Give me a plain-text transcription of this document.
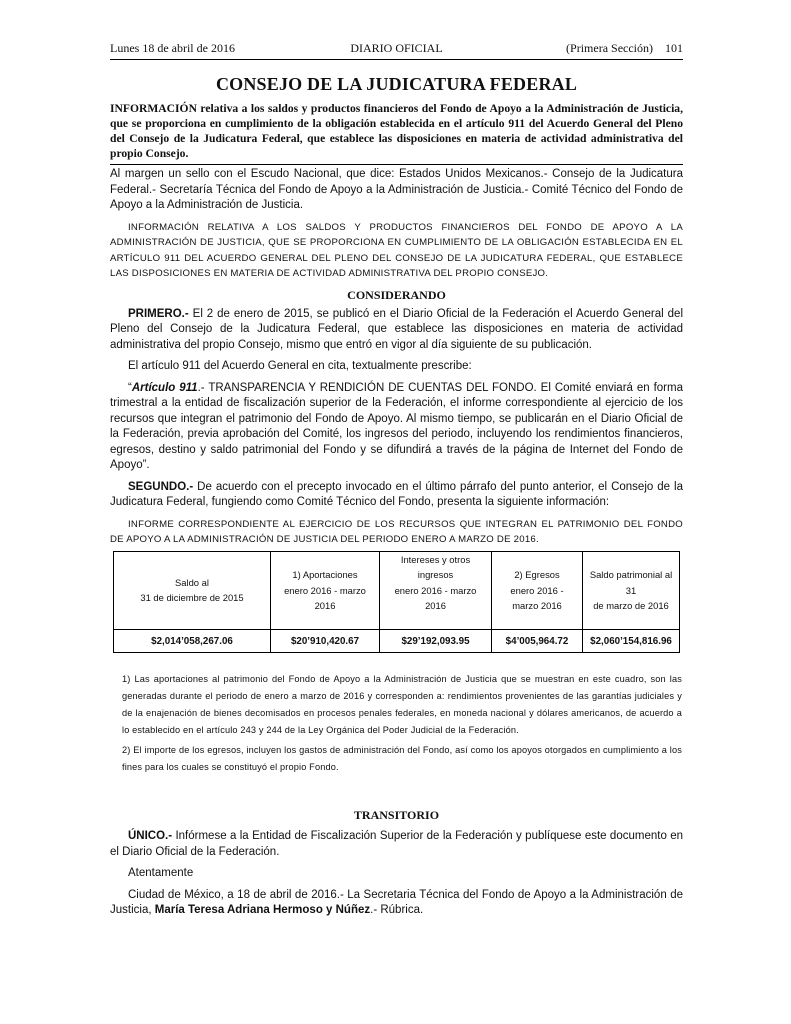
Lunes 18 de abril de 2016	DIARIO OFICIAL	(Primera Sección) 101
CONSEJO DE LA JUDICATURA FEDERAL
INFORMACIÓN relativa a los saldos y productos financieros del Fondo de Apoyo a la Administración de Justicia, que se proporciona en cumplimiento de la obligación establecida en el artículo 911 del Acuerdo General del Pleno del Consejo de la Judicatura Federal, que establece las disposiciones en materia de actividad administrativa del propio Consejo.
Al margen un sello con el Escudo Nacional, que dice: Estados Unidos Mexicanos.- Consejo de la Judicatura Federal.- Secretaría Técnica del Fondo de Apoyo a la Administración de Justicia.- Comité Técnico del Fondo de Apoyo a la Administración de Justicia.
INFORMACIÓN RELATIVA A LOS SALDOS Y PRODUCTOS FINANCIEROS DEL FONDO DE APOYO A LA ADMINISTRACIÓN DE JUSTICIA, QUE SE PROPORCIONA EN CUMPLIMIENTO DE LA OBLIGACIÓN ESTABLECIDA EN EL ARTÍCULO 911 DEL ACUERDO GENERAL DEL PLENO DEL CONSEJO DE LA JUDICATURA FEDERAL, QUE ESTABLECE LAS DISPOSICIONES EN MATERIA DE ACTIVIDAD ADMINISTRATIVA DEL PROPIO CONSEJO.
CONSIDERANDO
PRIMERO.- El 2 de enero de 2015, se publicó en el Diario Oficial de la Federación el Acuerdo General del Pleno del Consejo de la Judicatura Federal, que establece las disposiciones en materia de actividad administrativa del propio Consejo, mismo que entró en vigor al día siguiente de su publicación.
El artículo 911 del Acuerdo General en cita, textualmente prescribe:
“Artículo 911.- TRANSPARENCIA Y RENDICIÓN DE CUENTAS DEL FONDO. El Comité enviará en forma trimestral a la entidad de fiscalización superior de la Federación, el informe correspondiente al ejercicio de los recursos que integran el patrimonio del Fondo de Apoyo. Al mismo tiempo, se publicarán en el Diario Oficial de la Federación, previa aprobación del Comité, los ingresos del periodo, incluyendo los rendimientos financieros, egresos, destino y saldo patrimonial del Fondo y se difundirá a través de la página de Internet del Fondo de Apoyo”.
SEGUNDO.- De acuerdo con el precepto invocado en el último párrafo del punto anterior, el Consejo de la Judicatura Federal, fungiendo como Comité Técnico del Fondo, presenta la siguiente información:
INFORME CORRESPONDIENTE AL EJERCICIO DE LOS RECURSOS QUE INTEGRAN EL PATRIMONIO DEL FONDO DE APOYO A LA ADMINISTRACIÓN DE JUSTICIA DEL PERIODO ENERO A MARZO DE 2016.
Saldo al
31 de diciembre de 2015	1) Aportaciones
enero 2016 - marzo
2016	Intereses y otros
ingresos
enero 2016 - marzo 2016	2) Egresos
enero 2016 -
marzo 2016	Saldo patrimonial al 31
de marzo de 2016
$2,014’058,267.06	$20’910,420.67	$29’192,093.95	$4’005,964.72	$2,060’154,816.96
1) Las aportaciones al patrimonio del Fondo de Apoyo a la Administración de Justicia que se muestran en este cuadro, son las generadas durante el periodo de enero a marzo de 2016 y corresponden a: rendimientos provenientes de las garantías judiciales y de la enajenación de bienes decomisados en procesos penales federales, en moneda nacional y dólares americanos, de acuerdo a lo establecido en el artículo 243 y 244 de la Ley Orgánica del Poder Judicial de la Federación.
2) El importe de los egresos, incluyen los gastos de administración del Fondo, así como los apoyos otorgados en cumplimiento a los fines para los cuales se constituyó el propio Fondo.
TRANSITORIO
ÚNICO.- Infórmese a la Entidad de Fiscalización Superior de la Federación y publíquese este documento en el Diario Oficial de la Federación.
Atentamente
Ciudad de México, a 18 de abril de 2016.- La Secretaria Técnica del Fondo de Apoyo a la Administración de Justicia, María Teresa Adriana Hermoso y Núñez.- Rúbrica.
